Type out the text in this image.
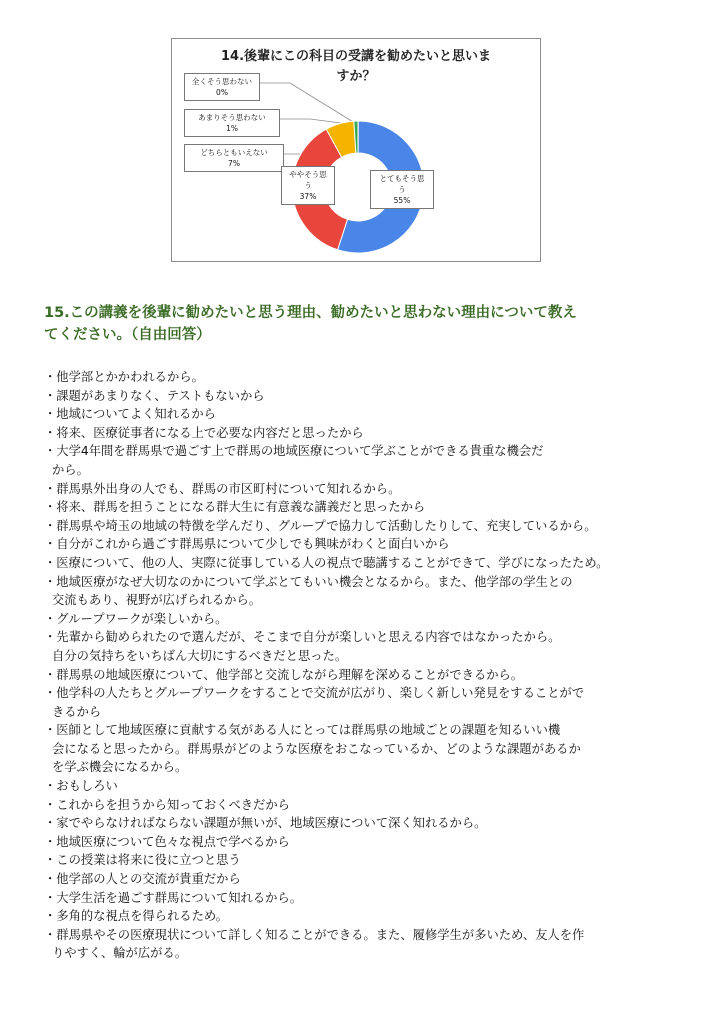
14.後輩にこの科目の受講を勧めたいと思いま
すか？
全くそう思わない
0%
あまりそう思わない
1%
どちらともいえない
7%
ややそう思う
37%
とてもそう思う
55%
15.この講義を後輩に勧めたいと思う理由、勧めたいと思わない理由について教え
てください。（自由回答）
・他学部とかかわれるから。
・課題があまりなく、テストもないから
・地域についてよく知れるから
・将来、医療従事者になる上で必要な内容だと思ったから
・大学4年間を群馬県で過ごす上で群馬の地域医療について学ぶことができる貴重な機会だ
から。
・群馬県外出身の人でも、群馬の市区町村について知れるから。
・将来、群馬を担うことになる群大生に有意義な講義だと思ったから
・群馬県や埼玉の地域の特徴を学んだり、グループで協力して活動したりして、充実しているから。
・自分がこれから過ごす群馬県について少しでも興味がわくと面白いから
・医療について、他の人、実際に従事している人の視点で聴講することができて、学びになったため。
・地域医療がなぜ大切なのかについて学ぶとてもいい機会となるから。また、他学部の学生との
交流もあり、視野が広げられるから。
・グループワークが楽しいから。
・先輩から勧められたので選んだが、そこまで自分が楽しいと思える内容ではなかったから。
自分の気持ちをいちばん大切にするべきだと思った。
・群馬県の地域医療について、他学部と交流しながら理解を深めることができるから。
・他学科の人たちとグループワークをすることで交流が広がり、楽しく新しい発見をすることがで
きるから
・医師として地域医療に貢献する気がある人にとっては群馬県の地域ごとの課題を知るいい機
会になると思ったから。群馬県がどのような医療をおこなっているか、どのような課題があるか
を学ぶ機会になるから。
・おもしろい
・これからを担うから知っておくべきだから
・家でやらなければならない課題が無いが、地域医療について深く知れるから。
・地域医療について色々な視点で学べるから
・この授業は将来に役に立つと思う
・他学部の人との交流が貴重だから
・大学生活を過ごす群馬について知れるから。
・多角的な視点を得られるため。
・群馬県やその医療現状について詳しく知ることができる。また、履修学生が多いため、友人を作
りやすく、輪が広がる。
